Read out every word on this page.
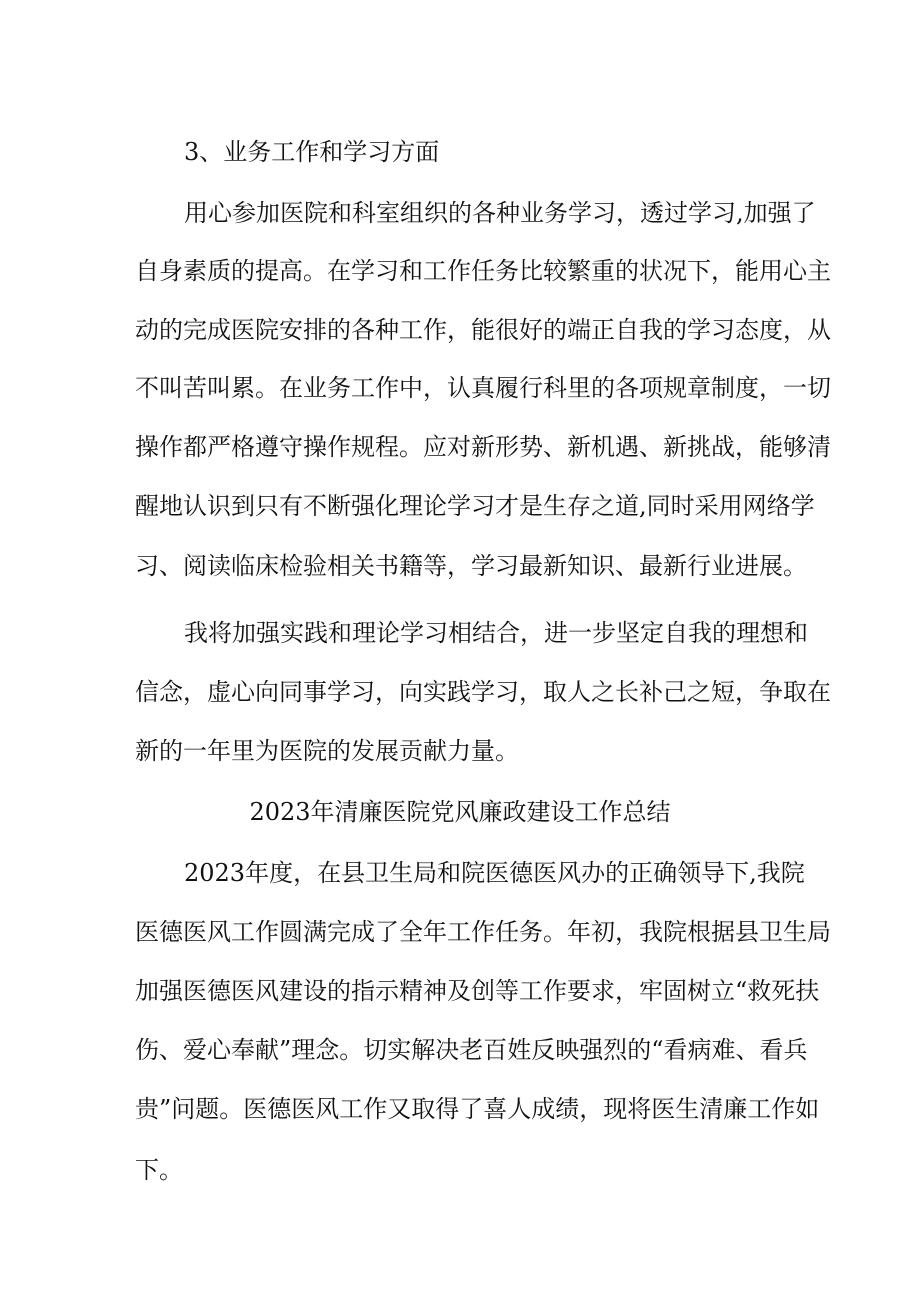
3、业务工作和学习方面
用心参加医院和科室组织的各种业务学习，透过学习,加强了
自身素质的提高。在学习和工作任务比较繁重的状况下，能用心主
动的完成医院安排的各种工作，能很好的端正自我的学习态度，从
不叫苦叫累。在业务工作中，认真履行科里的各项规章制度，一切
操作都严格遵守操作规程。应对新形势、新机遇、新挑战，能够清
醒地认识到只有不断强化理论学习才是生存之道,同时采用网络学
习、阅读临床检验相关书籍等，学习最新知识、最新行业进展。
我将加强实践和理论学习相结合，进一步坚定自我的理想和
信念，虚心向同事学习，向实践学习，取人之长补己之短，争取在
新的一年里为医院的发展贡献力量。
2023年清廉医院党风廉政建设工作总结
2023年度，在县卫生局和院医德医风办的正确领导下,我院
医德医风工作圆满完成了全年工作任务。年初，我院根据县卫生局
加强医德医风建设的指示精神及创等工作要求，牢固树立“救死扶
伤、爱心奉献”理念。切实解决老百姓反映强烈的“看病难、看兵
贵”问题。医德医风工作又取得了喜人成绩，现将医生清廉工作如
下。
